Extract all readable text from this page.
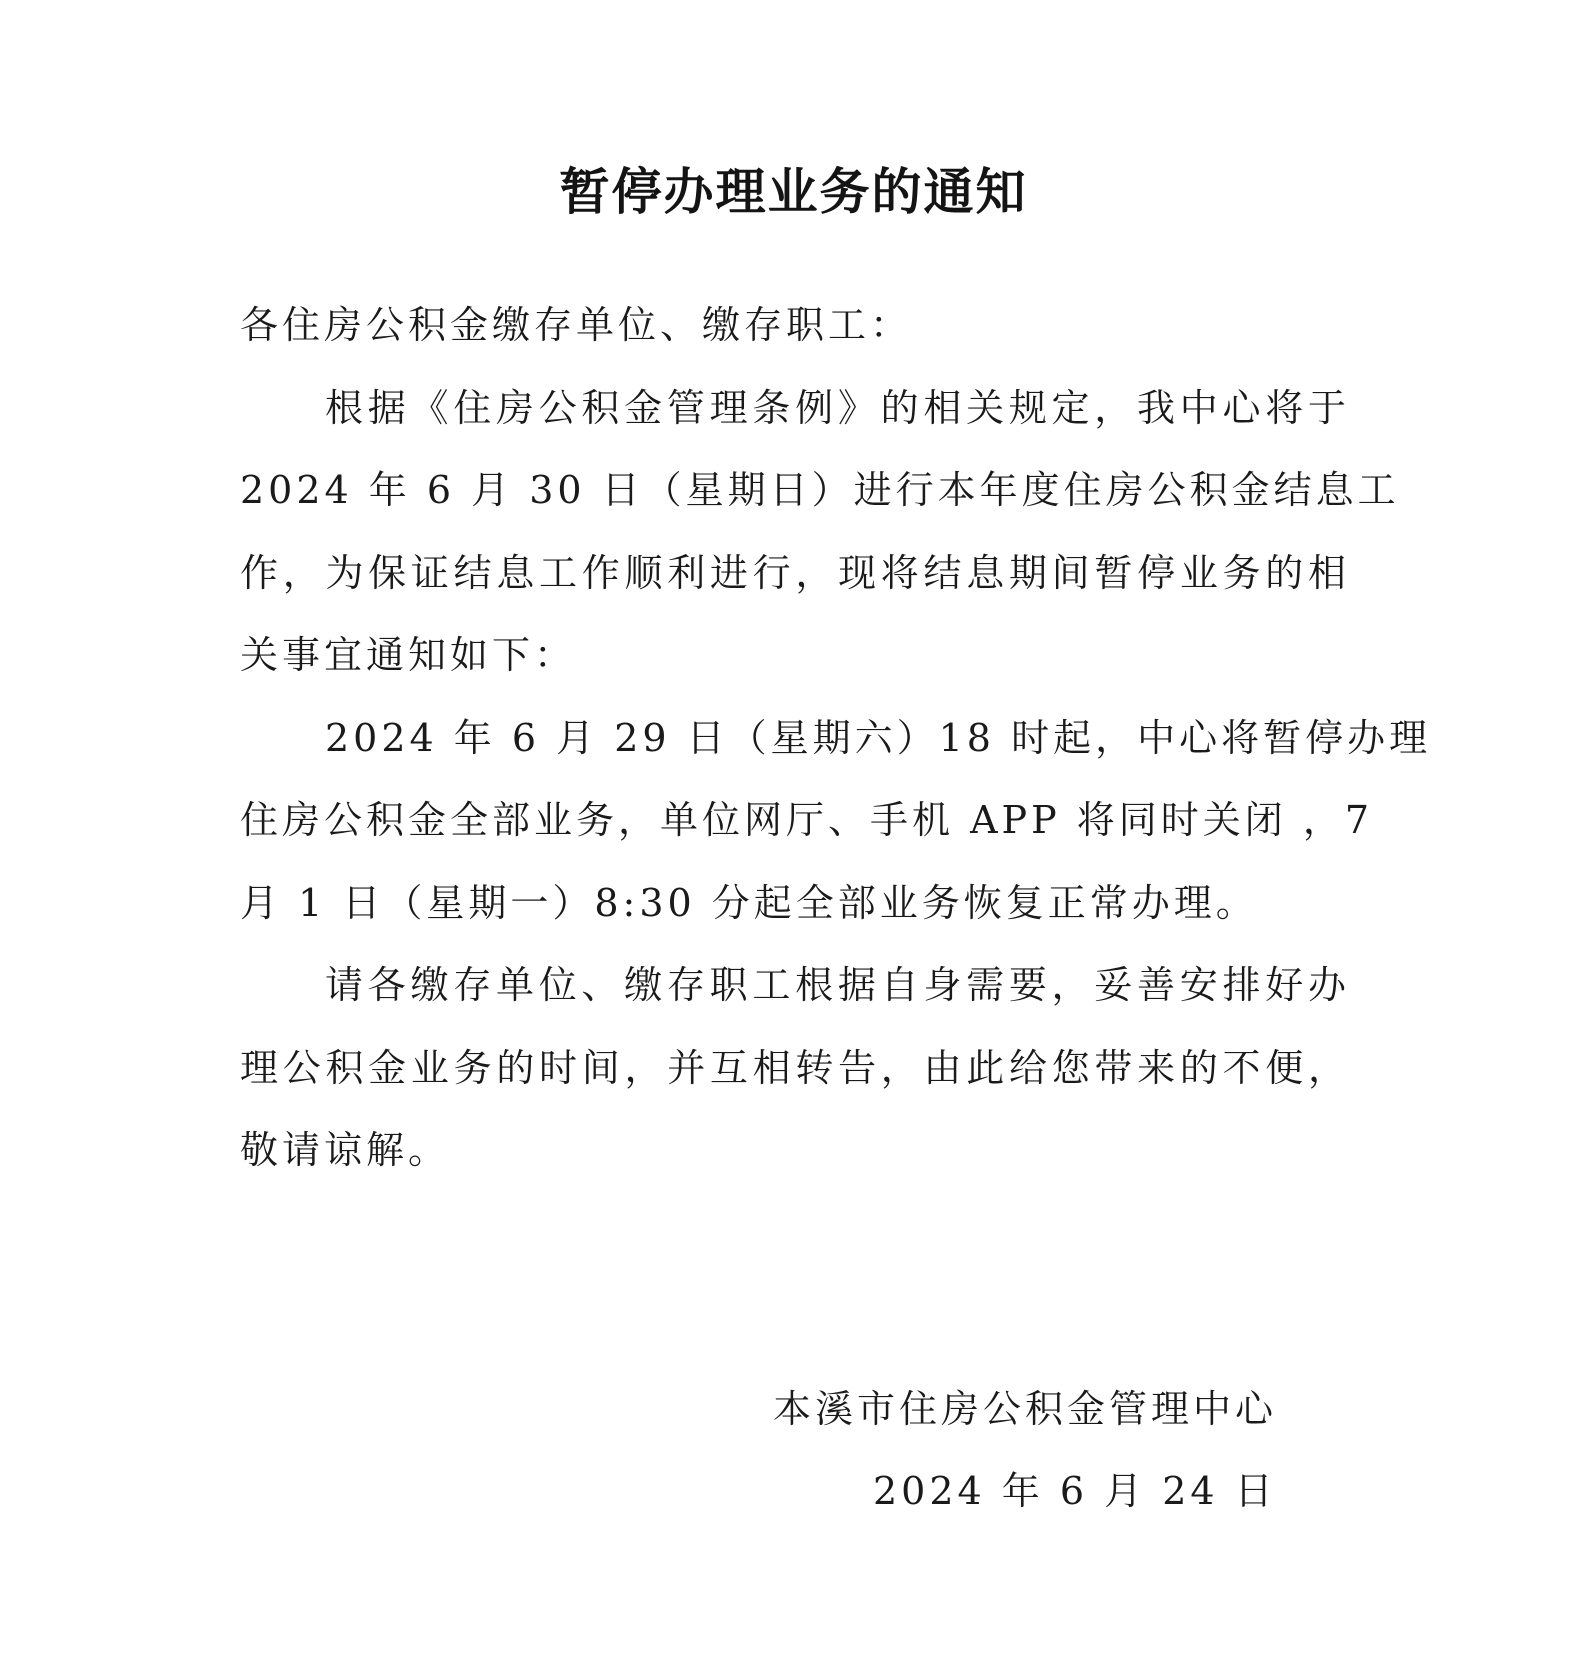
暂停办理业务的通知
各住房公积金缴存单位、缴存职工：
根据《住房公积金管理条例》的相关规定，我中心将于
2024 年 6 月 30 日（星期日）进行本年度住房公积金结息工
作，为保证结息工作顺利进行，现将结息期间暂停业务的相
关事宜通知如下：
2024 年 6 月 29 日（星期六）18 时起，中心将暂停办理
住房公积金全部业务，单位网厅、手机 APP 将同时关闭 ，7
月 1 日（星期一）8:30 分起全部业务恢复正常办理。
请各缴存单位、缴存职工根据自身需要，妥善安排好办
理公积金业务的时间，并互相转告，由此给您带来的不便，
敬请谅解。
本溪市住房公积金管理中心
2024 年 6 月 24 日
